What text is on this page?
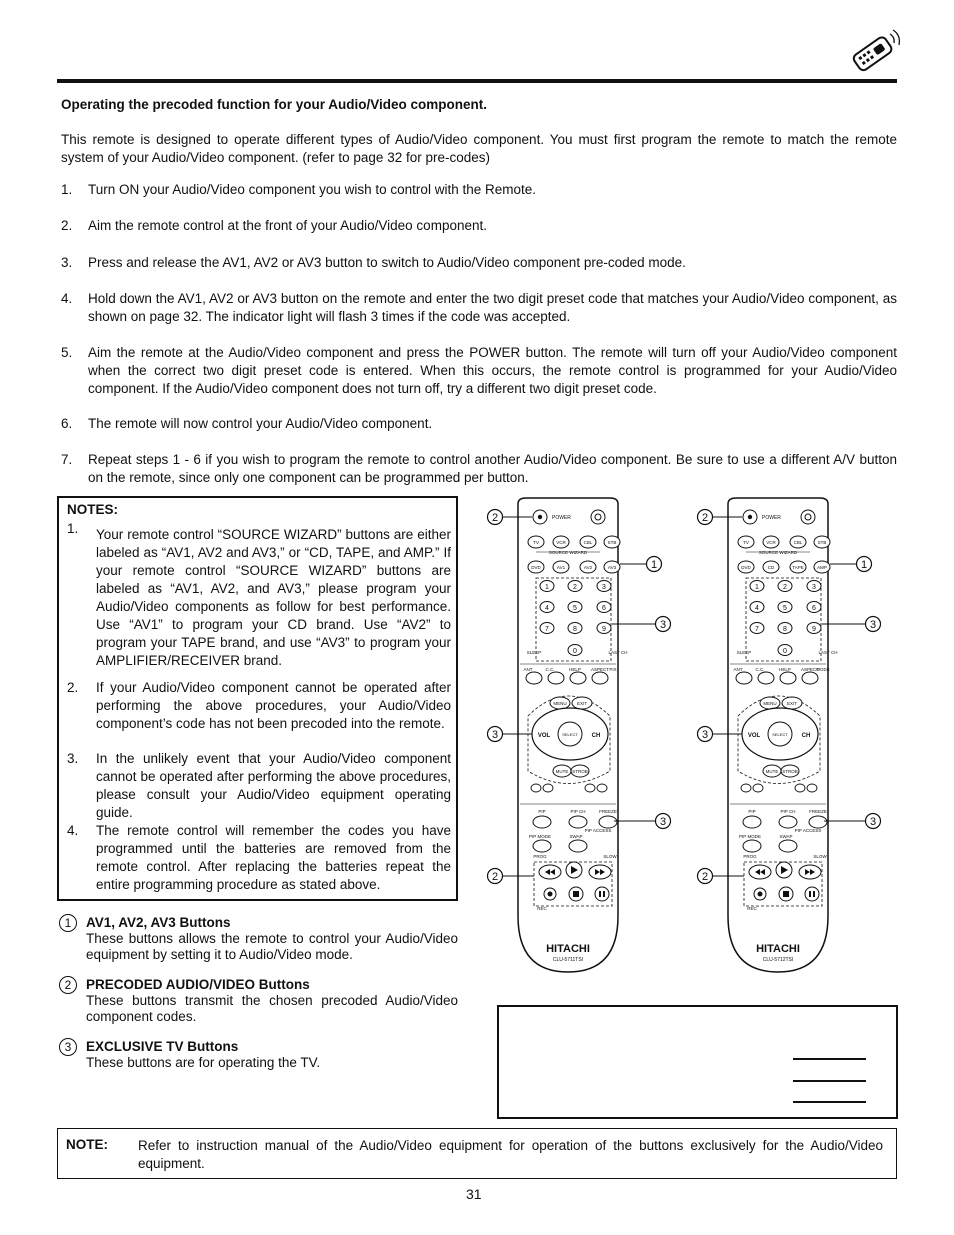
Operating the precoded function for your Audio/Video component.
This remote is designed to operate different types of Audio/Video component. You must first program the remote to match the remote system of your Audio/Video component. (refer to page 32 for pre-codes)
1.	Turn ON your Audio/Video component you wish to control with the Remote.
2.	Aim the remote control at the front of your Audio/Video component.
3.	Press and release the AV1, AV2 or AV3 button to switch to Audio/Video component pre-coded mode.
4.	Hold down the AV1, AV2 or AV3 button on the remote and enter the two digit preset code that matches your Audio/Video component, as shown on page 32. The indicator light will flash 3 times if the code was accepted.
5.	Aim the remote at the Audio/Video component and press the POWER button. The remote will turn off your Audio/Video component when the correct two digit preset code is entered. When this occurs, the remote control is programmed for your Audio/Video component. If the Audio/Video component does not turn off, try a different two digit preset code.
6.	The remote will now control your Audio/Video component.
7.	Repeat steps 1 - 6 if you wish to program the remote to control another Audio/Video component. Be sure to use a different A/V button on the remote, since only one component can be programmed per button.
NOTES:
1. Your remote control “SOURCE WIZARD” buttons are either labeled as “AV1, AV2 and AV3,” or “CD, TAPE, and AMP.” If your remote control “SOURCE WIZARD” buttons are labeled as “AV1, AV2, and AV3,” please program your Audio/Video components as follow for best performance. Use “AV1” to program your CD brand. Use “AV2” to program your TAPE brand, and use “AV3” to program your AMPLIFIER/RECEIVER brand.
2. If your Audio/Video component cannot be operated after performing the above procedures, your Audio/Video component’s code has not been precoded into the remote.
3. In the unlikely event that your Audio/Video component cannot be operated after performing the above procedures, please consult your Audio/Video equipment operating guide.
4. The remote control will remember the codes you have programmed until the batteries are removed from the remote control. After replacing the batteries repeat the entire programming procedure as stated above.
1	AV1, AV2, AV3 Buttons
These buttons allows the remote to control your Audio/Video equipment by setting it to Audio/Video mode.
2	PRECODED AUDIO/VIDEO Buttons
These buttons transmit the chosen precoded Audio/Video component codes.
3	EXCLUSIVE TV Buttons
These buttons are for operating the TV.
POWER
TV	VCR	CBL	STB
SOURCE WIZARD
DVD	AV1	AV2	AV3
1	2	3
4	5	6
7	8	9
SLEEP	0	LAST CH
ANT	C.C.	HELP ASPECT PIX
MENU EXIT
SELECT
VOL	CH
MUTE STROB
PIP	PIP CH	FREEZE
PIP MODE	SWAP
PIP ACCESS
PROG	SLOW
REC
HITACHI
CLU-5711TSI
2
1
3
3
3
2
POWER
TV	VCR	CBL	STB
SOURCE WIZARD
DVD	CD	TAPE	AMP
1	2	3
4	5	6
7	8	9
SLEEP	0	LAST CH
ANT	C.C.	HELP ASPECT
MODE
MENU EXIT
SELECT
VOL	CH
MUTE STROB
PIP	PIP CH	FREEZE
PIP MODE	SWAP
PIP ACCESS
PROG	SLOW
REC
HITACHI
CLU-5712TSI
2
1
3
3
3
2
NOTE: Refer to instruction manual of the Audio/Video equipment for operation of the buttons exclusively for the Audio/Video equipment.
31
